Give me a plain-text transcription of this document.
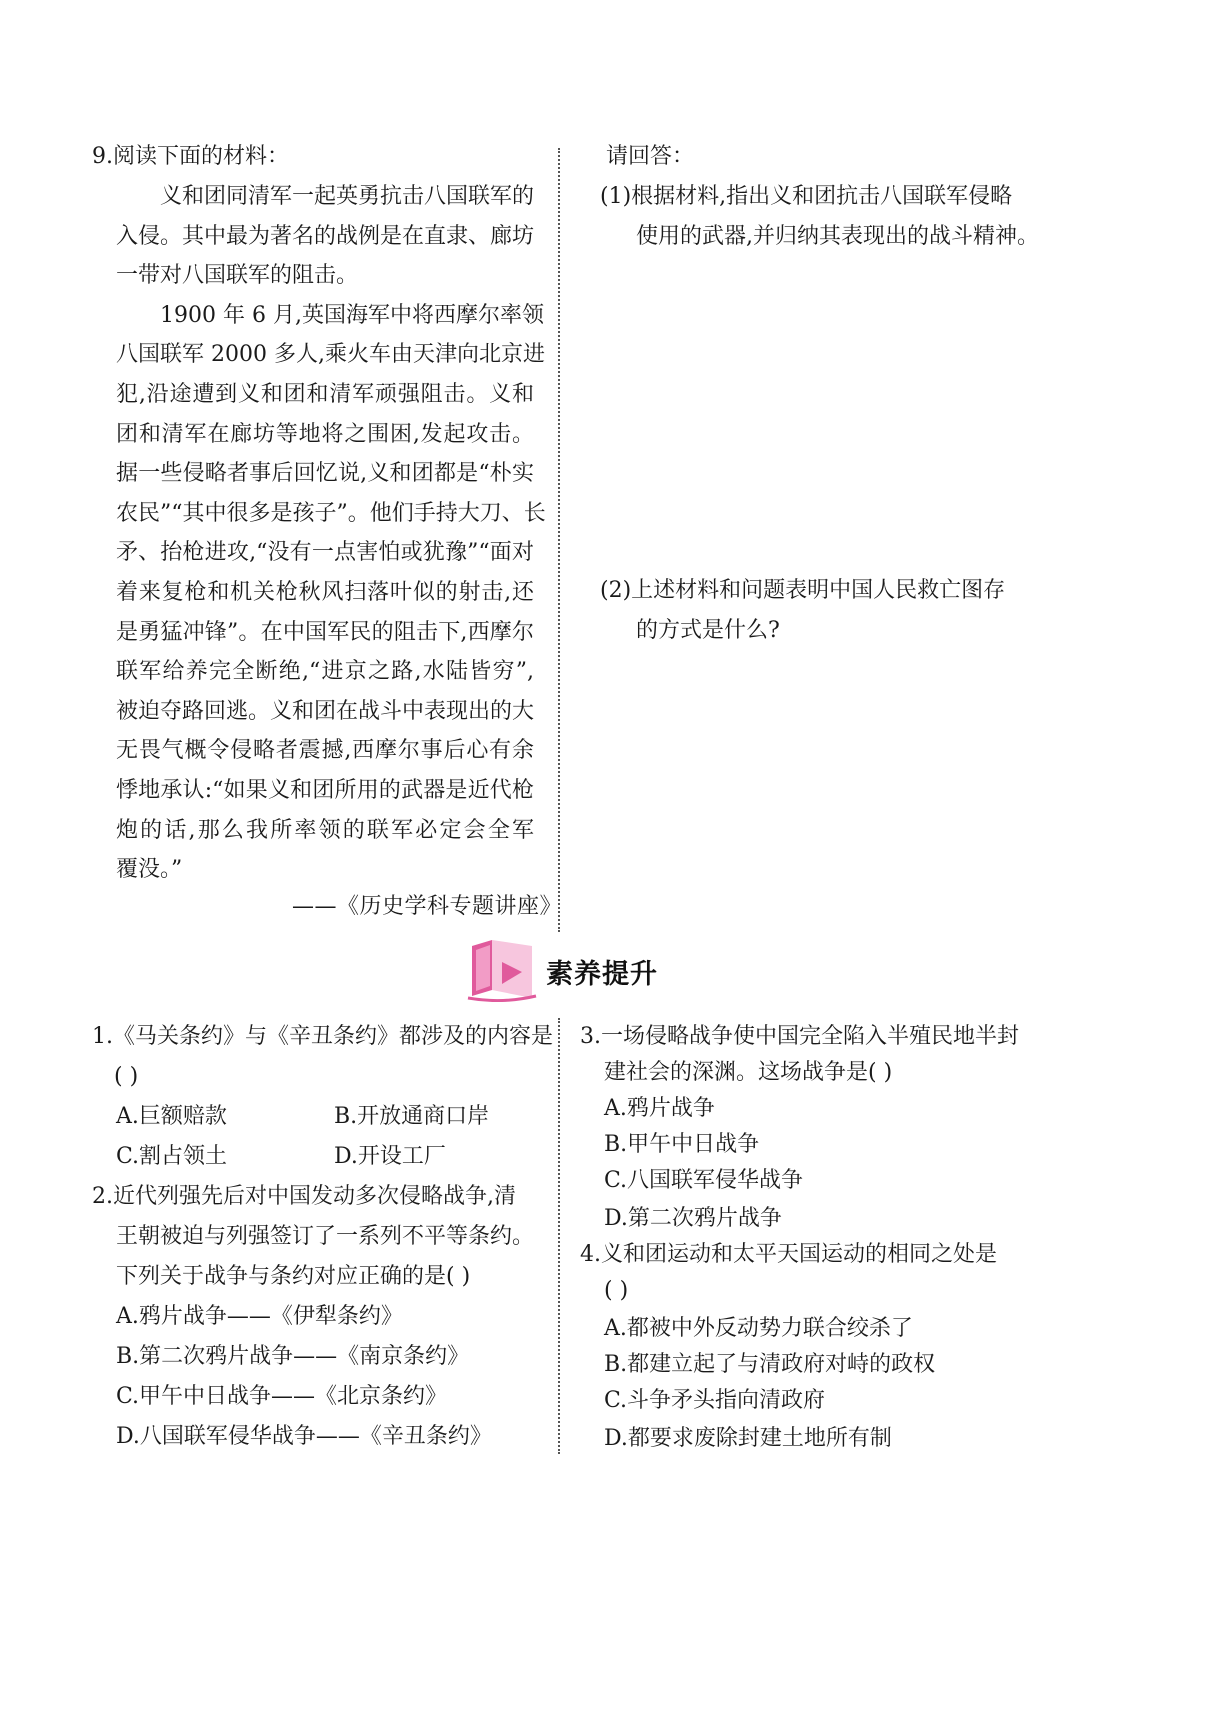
9.阅读下面的材料：
义和团同清军一起英勇抗击八国联军的
入侵。其中最为著名的战例是在直隶、廊坊
一带对八国联军的阻击。
1900 年 6 月,英国海军中将西摩尔率领
八国联军 2000 多人,乘火车由天津向北京进
犯,沿途遭到义和团和清军顽强阻击。义和
团和清军在廊坊等地将之围困,发起攻击。
据一些侵略者事后回忆说,义和团都是“朴实
农民”“其中很多是孩子”。他们手持大刀、长
矛、抬枪进攻,“没有一点害怕或犹豫”“面对
着来复枪和机关枪秋风扫落叶似的射击,还
是勇猛冲锋”。在中国军民的阻击下,西摩尔
联军给养完全断绝,“进京之路,水陆皆穷”,
被迫夺路回逃。义和团在战斗中表现出的大
无畏气概令侵略者震撼,西摩尔事后心有余
悸地承认:“如果义和团所用的武器是近代枪
炮的话,那么我所率领的联军必定会全军
覆没。”
——《历史学科专题讲座》
请回答：
(1)根据材料,指出义和团抗击八国联军侵略
使用的武器,并归纳其表现出的战斗精神。
(2)上述材料和问题表明中国人民救亡图存
的方式是什么?
素养提升
1.《马关条约》与《辛丑条约》都涉及的内容是
( )
A.巨额赔款	B.开放通商口岸
C.割占领土	D.开设工厂
2.近代列强先后对中国发动多次侵略战争,清
王朝被迫与列强签订了一系列不平等条约。
下列关于战争与条约对应正确的是( )
A.鸦片战争——《伊犁条约》
B.第二次鸦片战争——《南京条约》
C.甲午中日战争——《北京条约》
D.八国联军侵华战争——《辛丑条约》
3.一场侵略战争使中国完全陷入半殖民地半封
建社会的深渊。这场战争是( )
A.鸦片战争
B.甲午中日战争
C.八国联军侵华战争
D.第二次鸦片战争
4.义和团运动和太平天国运动的相同之处是
( )
A.都被中外反动势力联合绞杀了
B.都建立起了与清政府对峙的政权
C.斗争矛头指向清政府
D.都要求废除封建土地所有制
